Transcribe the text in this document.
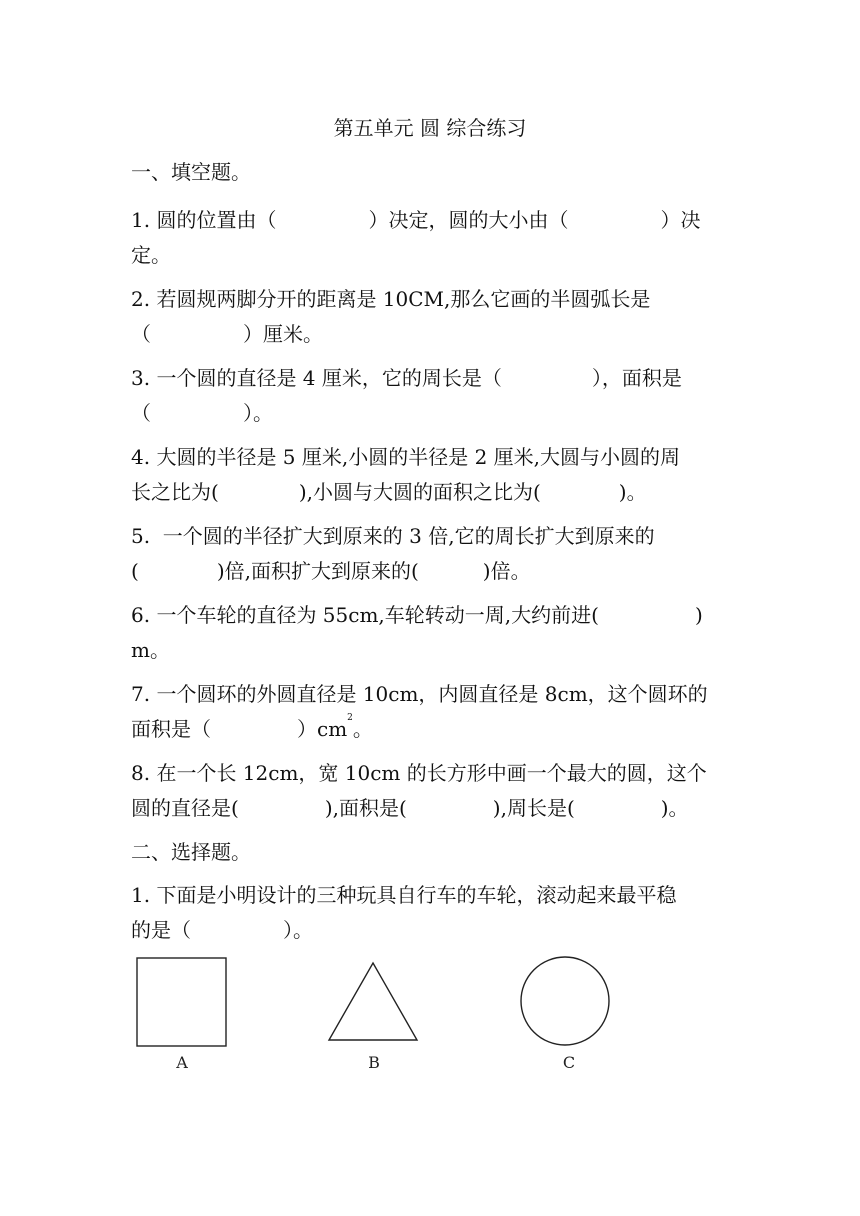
第五单元 圆 综合练习
一、填空题。
1. 圆的位置由（	）决定，圆的大小由（	）决
定。
2. 若圆规两脚分开的距离是 10CM,那么它画的半圆弧长是
（	）厘米。
3. 一个圆的直径是 4 厘米，它的周长是（	），面积是
（	）。
4. 大圆的半径是 5 厘米,小圆的半径是 2 厘米,大圆与小圆的周
长之比为(	),小圆与大圆的面积之比为(	)。
5.  一个圆的半径扩大到原来的 3 倍,它的周长扩大到原来的
(	)倍,面积扩大到原来的(	)倍。
6. 一个车轮的直径为 55cm,车轮转动一周,大约前进(	)
m。
7. 一个圆环的外圆直径是 10cm，内圆直径是 8cm，这个圆环的
面积是（	）$cm^2$。
8. 在一个长 12cm，宽 10cm 的长方形中画一个最大的圆，这个
圆的直径是(	),面积是(	),周长是(	)。
二、选择题。
1. 下面是小明设计的三种玩具自行车的车轮，滚动起来最平稳
的是（	）。
A	B	C
